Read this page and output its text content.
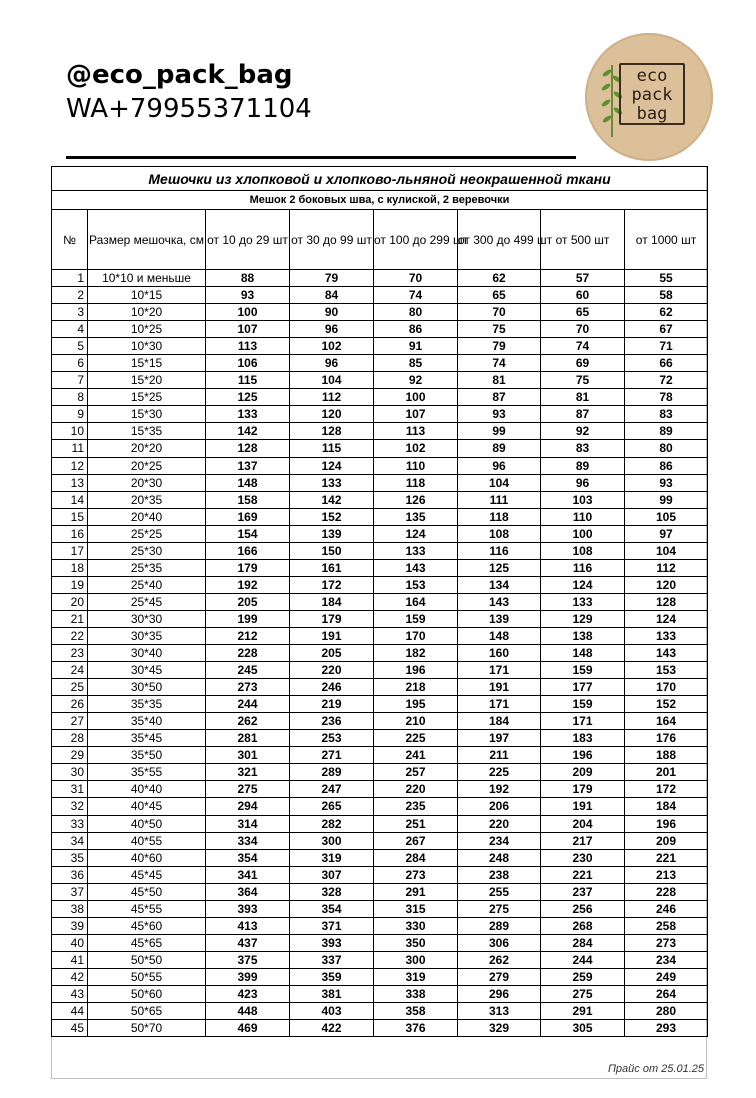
@eco_pack_bag
WA+79955371104
eco
pack
bag
Мешочки из хлопковой и хлопково-льняной неокрашенной ткани							
Мешок 2 боковых шва, с кулиской, 2 веревочки							
№	Размер мешочка, см	от 10 до 29 шт	от 30 до 99 шт	от 100 до 299 шт	от 300 до 499 шт	от 500 шт	от 1000 шт
1	10*10 и меньше	88	79	70	62	57	55
2	10*15	93	84	74	65	60	58
3	10*20	100	90	80	70	65	62
4	10*25	107	96	86	75	70	67
5	10*30	113	102	91	79	74	71
6	15*15	106	96	85	74	69	66
7	15*20	115	104	92	81	75	72
8	15*25	125	112	100	87	81	78
9	15*30	133	120	107	93	87	83
10	15*35	142	128	113	99	92	89
11	20*20	128	115	102	89	83	80
12	20*25	137	124	110	96	89	86
13	20*30	148	133	118	104	96	93
14	20*35	158	142	126	111	103	99
15	20*40	169	152	135	118	110	105
16	25*25	154	139	124	108	100	97
17	25*30	166	150	133	116	108	104
18	25*35	179	161	143	125	116	112
19	25*40	192	172	153	134	124	120
20	25*45	205	184	164	143	133	128
21	30*30	199	179	159	139	129	124
22	30*35	212	191	170	148	138	133
23	30*40	228	205	182	160	148	143
24	30*45	245	220	196	171	159	153
25	30*50	273	246	218	191	177	170
26	35*35	244	219	195	171	159	152
27	35*40	262	236	210	184	171	164
28	35*45	281	253	225	197	183	176
29	35*50	301	271	241	211	196	188
30	35*55	321	289	257	225	209	201
31	40*40	275	247	220	192	179	172
32	40*45	294	265	235	206	191	184
33	40*50	314	282	251	220	204	196
34	40*55	334	300	267	234	217	209
35	40*60	354	319	284	248	230	221
36	45*45	341	307	273	238	221	213
37	45*50	364	328	291	255	237	228
38	45*55	393	354	315	275	256	246
39	45*60	413	371	330	289	268	258
40	45*65	437	393	350	306	284	273
41	50*50	375	337	300	262	244	234
42	50*55	399	359	319	279	259	249
43	50*60	423	381	338	296	275	264
44	50*65	448	403	358	313	291	280
45	50*70	469	422	376	329	305	293
Прайс от 25.01.25
